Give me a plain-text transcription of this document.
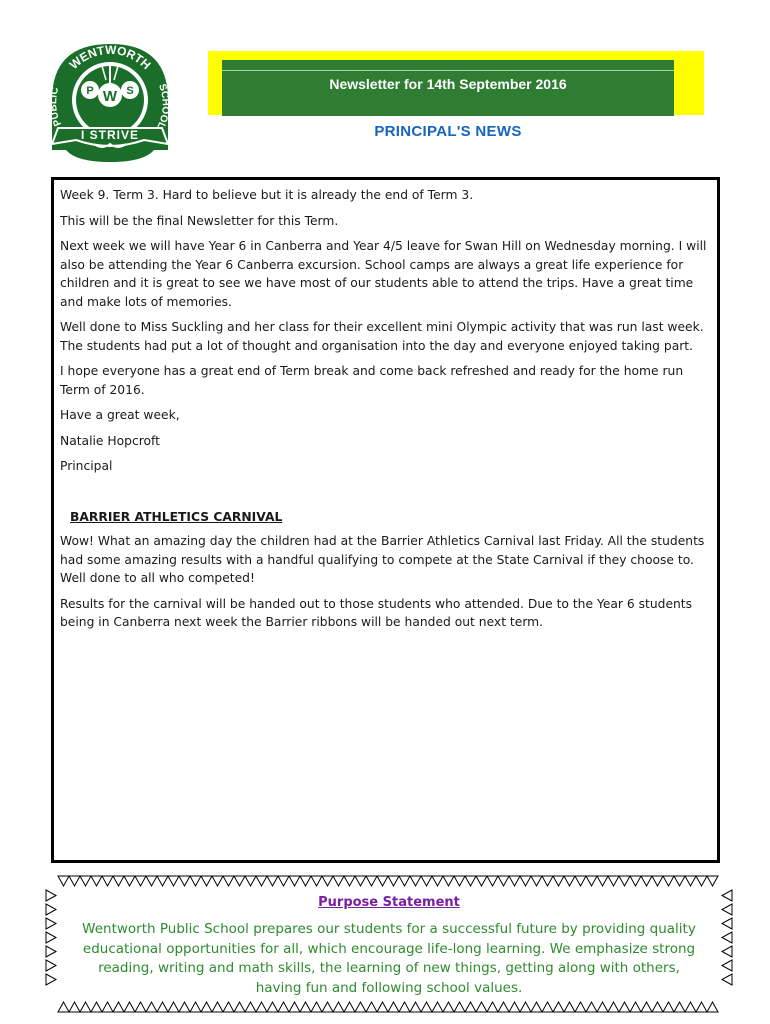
WENTWORTH
PUBLIC	SCHOOL
P W S
I STRIVE
Newsletter for 14th September 2016
PRINCIPAL'S NEWS

Week 9. Term 3. Hard to believe but it is already the end of Term 3.

This will be the final Newsletter for this Term.

Next week we will have Year 6 in Canberra and Year 4/5 leave for Swan Hill on Wednesday morning. I will also be attending the Year 6 Canberra excursion. School camps are always a great life experience for children and it is great to see we have most of our students able to attend the trips. Have a great time and make lots of memories.

Well done to Miss Suckling and her class for their excellent mini Olympic activity that was run last week. The students had put a lot of thought and organisation into the day and everyone enjoyed taking part.

I hope everyone has a great end of Term break and come back refreshed and ready for the home run Term of 2016.

Have a great week,

Natalie Hopcroft

Principal

BARRIER ATHLETICS CARNIVAL

Wow! What an amazing day the children had at the Barrier Athletics Carnival last Friday. All the students had some amazing results with a handful qualifying to compete at the State Carnival if they choose to. Well done to all who competed!

Results for the carnival will be handed out to those students who attended. Due to the Year 6 students being in Canberra next week the Barrier ribbons will be handed out next term.

Purpose Statement
Wentworth Public School prepares our students for a successful future by providing quality educational opportunities for all, which encourage life-long learning. We emphasize strong reading, writing and math skills, the learning of new things, getting along with others, having fun and following school values.
